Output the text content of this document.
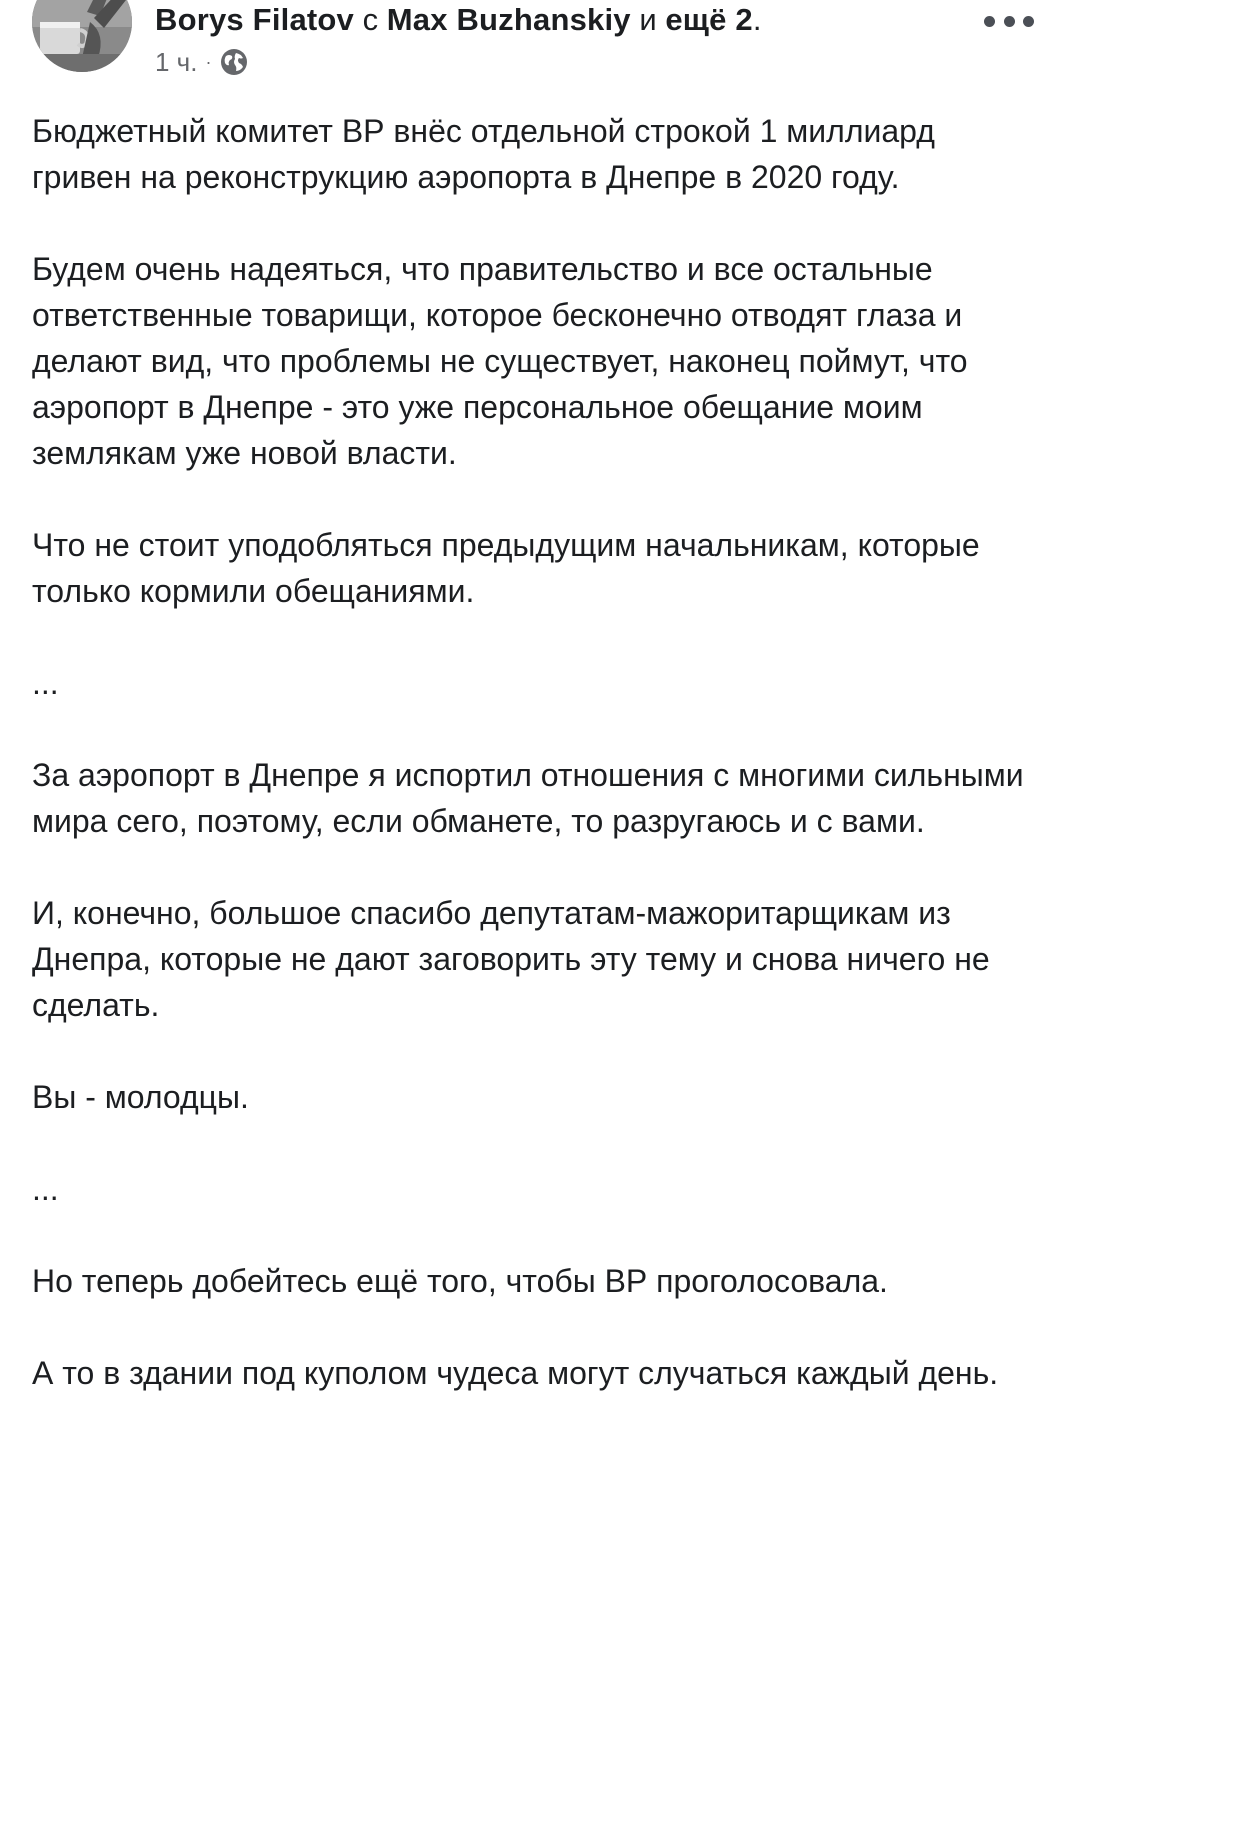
Borys Filatov с Max Buzhanskiy и ещё 2.
1 ч. ·

Бюджетный комитет ВР внёс отдельной строкой 1 миллиард гривен на реконструкцию аэропорта в Днепре в 2020 году.

Будем очень надеяться, что правительство и все остальные ответственные товарищи, которое бесконечно отводят глаза и делают вид, что проблемы не существует, наконец поймут, что аэропорт в Днепре - это уже персональное обещание моим землякам уже новой власти.

Что не стоит уподобляться предыдущим начальникам, которые только кормили обещаниями.

...

За аэропорт в Днепре я испортил отношения с многими сильными мира сего, поэтому, если обманете, то разругаюсь и с вами.

И, конечно, большое спасибо депутатам-мажоритарщикам из Днепра, которые не дают заговорить эту тему и снова ничего не сделать.

Вы - молодцы.

...

Но теперь добейтесь ещё того, чтобы ВР проголосовала.

А то в здании под куполом чудеса могут случаться каждый день.
